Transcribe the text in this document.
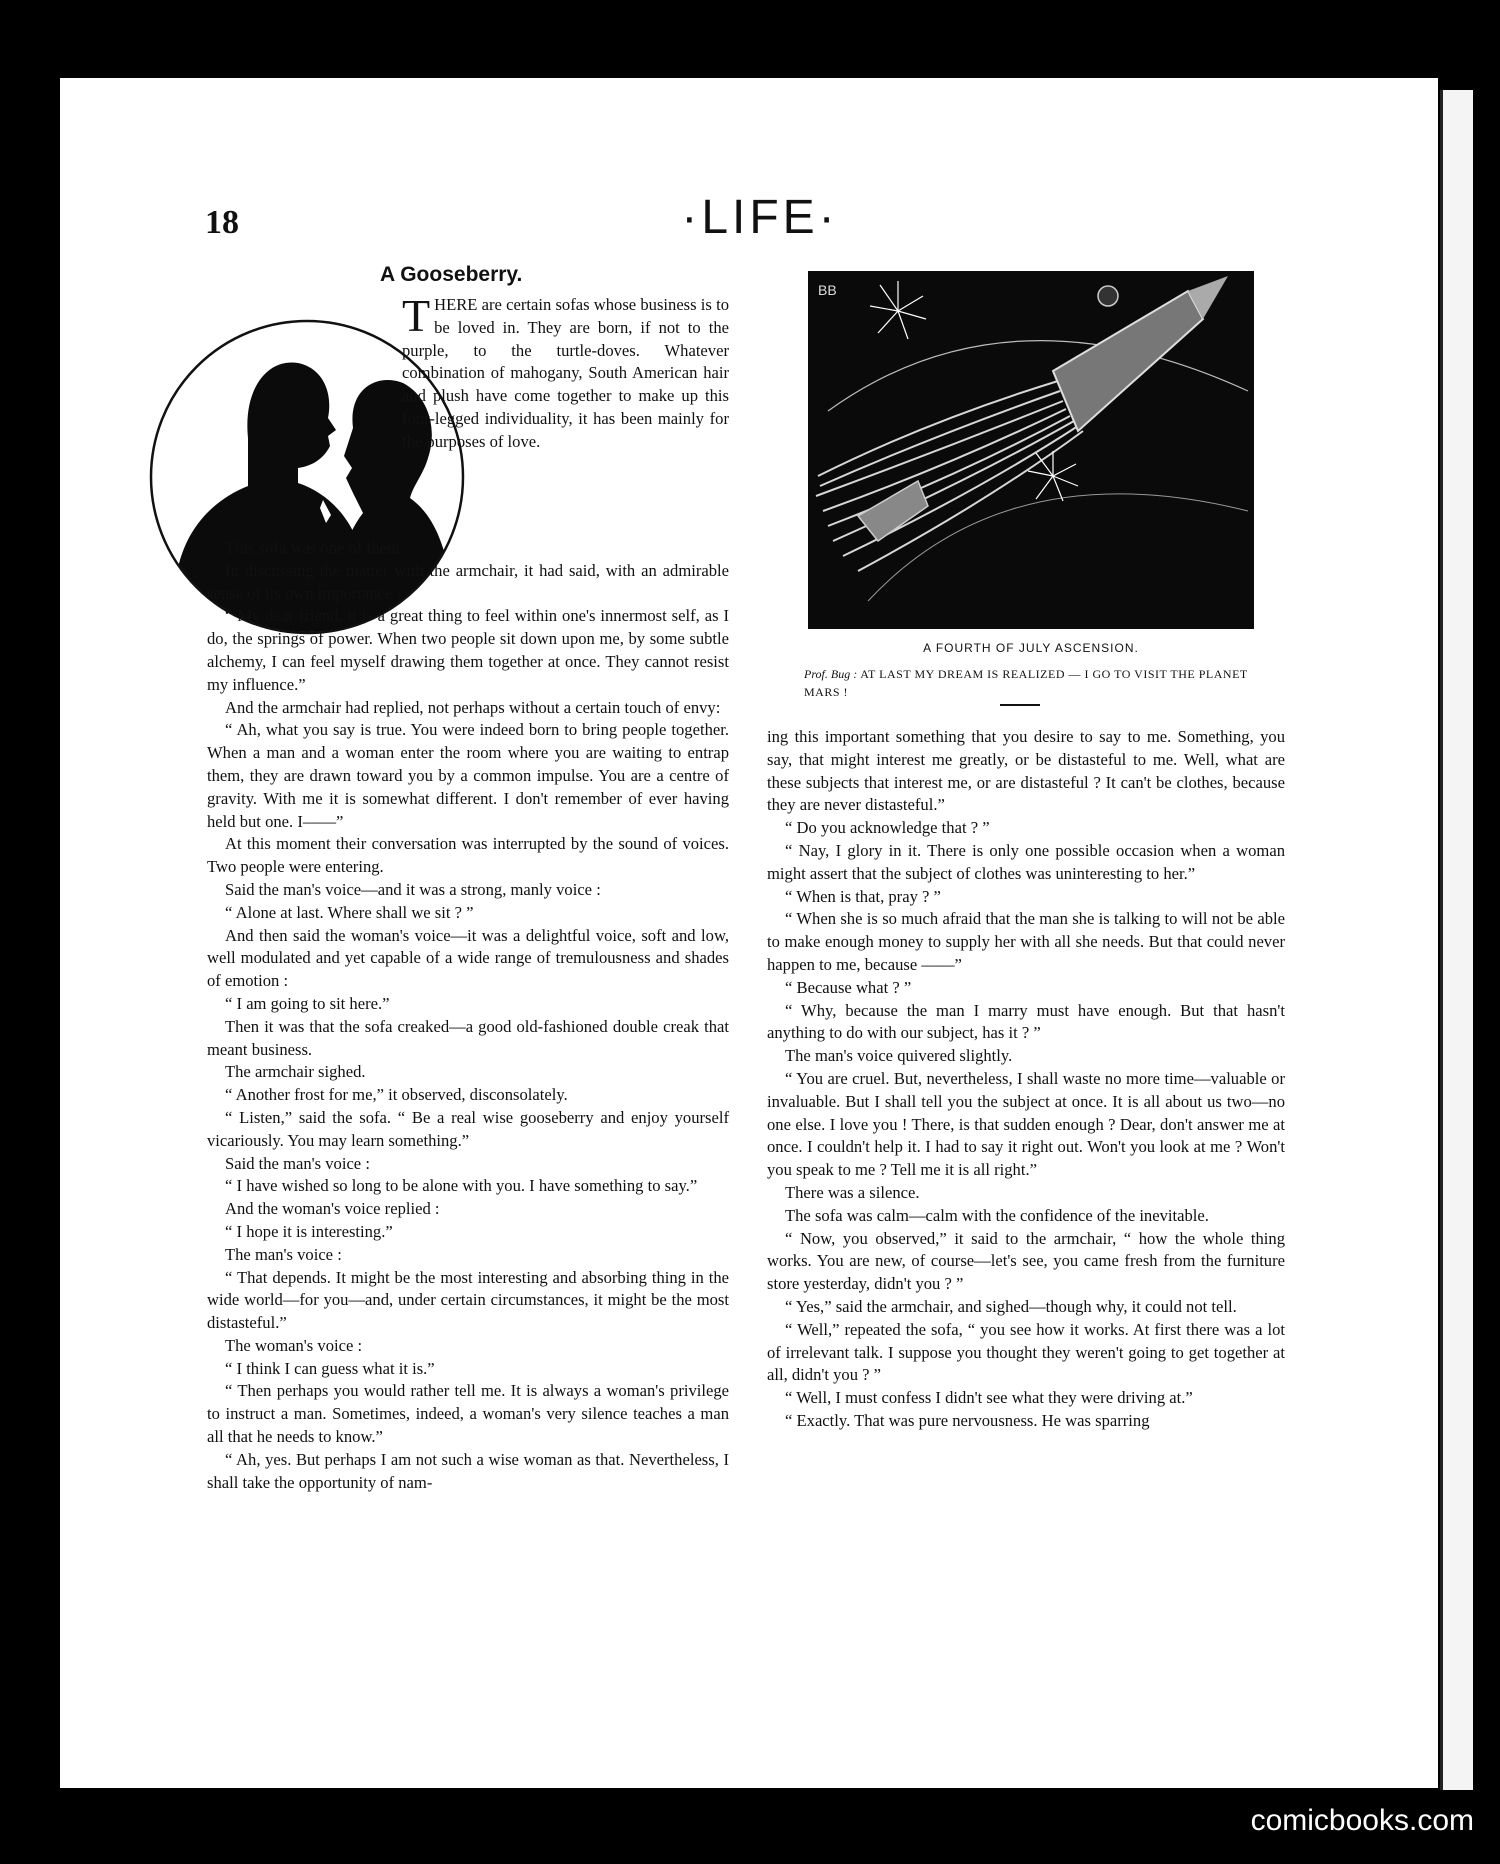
18	·LIFE·
A Gooseberry.
T HERE are certain sofas whose business is to be loved in. They are born, if not to the purple, to the turtle-doves. Whatever combination of mahogany, South American hair and plush have come together to make up this four-legged individuality, it has been mainly for the purposes of love.

This sofa was one of them.

In discussing the matter with the armchair, it had said, with an admirable sense of its own importance :

“ My dear friend, it is a great thing to feel within one's innermost self, as I do, the springs of power. When two people sit down upon me, by some subtle alchemy, I can feel myself drawing them together at once. They cannot resist my influence.”

And the armchair had replied, not perhaps without a certain touch of envy:

“ Ah, what you say is true. You were indeed born to bring people together. When a man and a woman enter the room where you are waiting to entrap them, they are drawn toward you by a common impulse. You are a centre of gravity. With me it is somewhat different. I don't remember of ever having held but one. I——”

At this moment their conversation was interrupted by the sound of voices. Two people were entering.

Said the man's voice—and it was a strong, manly voice :

“ Alone at last. Where shall we sit ? ”

And then said the woman's voice—it was a delightful voice, soft and low, well modulated and yet capable of a wide range of tremulousness and shades of emotion :

“ I am going to sit here.”

Then it was that the sofa creaked—a good old-fashioned double creak that meant business.

The armchair sighed.

“ Another frost for me,” it observed, disconsolately.

“ Listen,” said the sofa. “ Be a real wise gooseberry and enjoy yourself vicariously. You may learn something.”

Said the man's voice :

“ I have wished so long to be alone with you. I have something to say.”

And the woman's voice replied :

“ I hope it is interesting.”

The man's voice :

“ That depends. It might be the most interesting and absorbing thing in the wide world—for you—and, under certain circumstances, it might be the most distasteful.”

The woman's voice :

“ I think I can guess what it is.”

“ Then perhaps you would rather tell me. It is always a woman's privilege to instruct a man. Sometimes, indeed, a woman's very silence teaches a man all that he needs to know.”

“ Ah, yes. But perhaps I am not such a wise woman as that. Nevertheless, I shall take the opportunity of nam-

BB
A FOURTH OF JULY ASCENSION.
Prof. Bug : AT LAST MY DREAM IS REALIZED — I GO TO VISIT THE PLANET MARS !

ing this important something that you desire to say to me. Something, you say, that might interest me greatly, or be distasteful to me. Well, what are these subjects that interest me, or are distasteful ? It can't be clothes, because they are never distasteful.”

“ Do you acknowledge that ? ”

“ Nay, I glory in it. There is only one possible occasion when a woman might assert that the subject of clothes was uninteresting to her.”

“ When is that, pray ? ”

“ When she is so much afraid that the man she is talking to will not be able to make enough money to supply her with all she needs. But that could never happen to me, because ——”

“ Because what ? ”

“ Why, because the man I marry must have enough. But that hasn't anything to do with our subject, has it ? ”

The man's voice quivered slightly.

“ You are cruel. But, nevertheless, I shall waste no more time—valuable or invaluable. But I shall tell you the subject at once. It is all about us two—no one else. I love you ! There, is that sudden enough ? Dear, don't answer me at once. I couldn't help it. I had to say it right out. Won't you look at me ? Won't you speak to me ? Tell me it is all right.”

There was a silence.

The sofa was calm—calm with the confidence of the inevitable.

“ Now, you observed,” it said to the armchair, “ how the whole thing works. You are new, of course—let's see, you came fresh from the furniture store yesterday, didn't you ? ”

“ Yes,” said the armchair, and sighed—though why, it could not tell.

“ Well,” repeated the sofa, “ you see how it works. At first there was a lot of irrelevant talk. I suppose you thought they weren't going to get together at all, didn't you ? ”

“ Well, I must confess I didn't see what they were driving at.”

“ Exactly. That was pure nervousness. He was sparring

comicbooks.com
